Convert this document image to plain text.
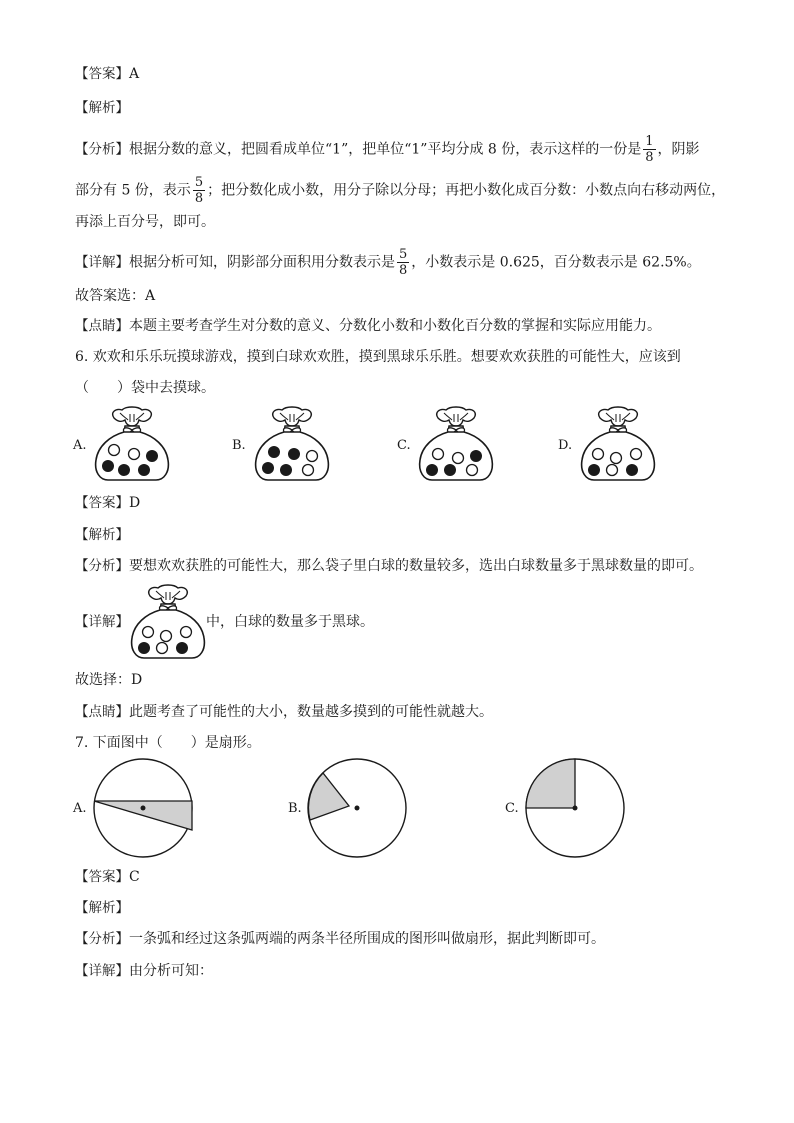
【答案】A
【解析】
【分析】根据分数的意义，把圆看成单位“1”，把单位“1”平均分成 8 份，表示这样的一份是 $\frac{1}{8}$ ，阴影
部分有 5 份，表示 $\frac{5}{8}$ ；把分数化成小数，用分子除以分母；再把小数化成百分数：小数点向右移动两位，
再添上百分号，即可。
【详解】根据分析可知，阴影部分面积用分数表示是 $\frac{5}{8}$ ，小数表示是 0.625，百分数表示是 62.5%。
故答案选：A
【点睛】本题主要考查学生对分数的意义、分数化小数和小数化百分数的掌握和实际应用能力。
6. 欢欢和乐乐玩摸球游戏，摸到白球欢欢胜，摸到黑球乐乐胜。想要欢欢获胜的可能性大，应该到
（　　）袋中去摸球。
A.	B.	C.	D.
【答案】D
【解析】
【分析】要想欢欢获胜的可能性大，那么袋子里白球的数量较多，选出白球数量多于黑球数量的即可。
【详解】	中，白球的数量多于黑球。
故选择：D
【点睛】此题考查了可能性的大小，数量越多摸到的可能性就越大。
7. 下面图中（　　）是扇形。
A.	B.	C.
【答案】C
【解析】
【分析】一条弧和经过这条弧两端的两条半径所围成的图形叫做扇形，据此判断即可。
【详解】由分析可知：
